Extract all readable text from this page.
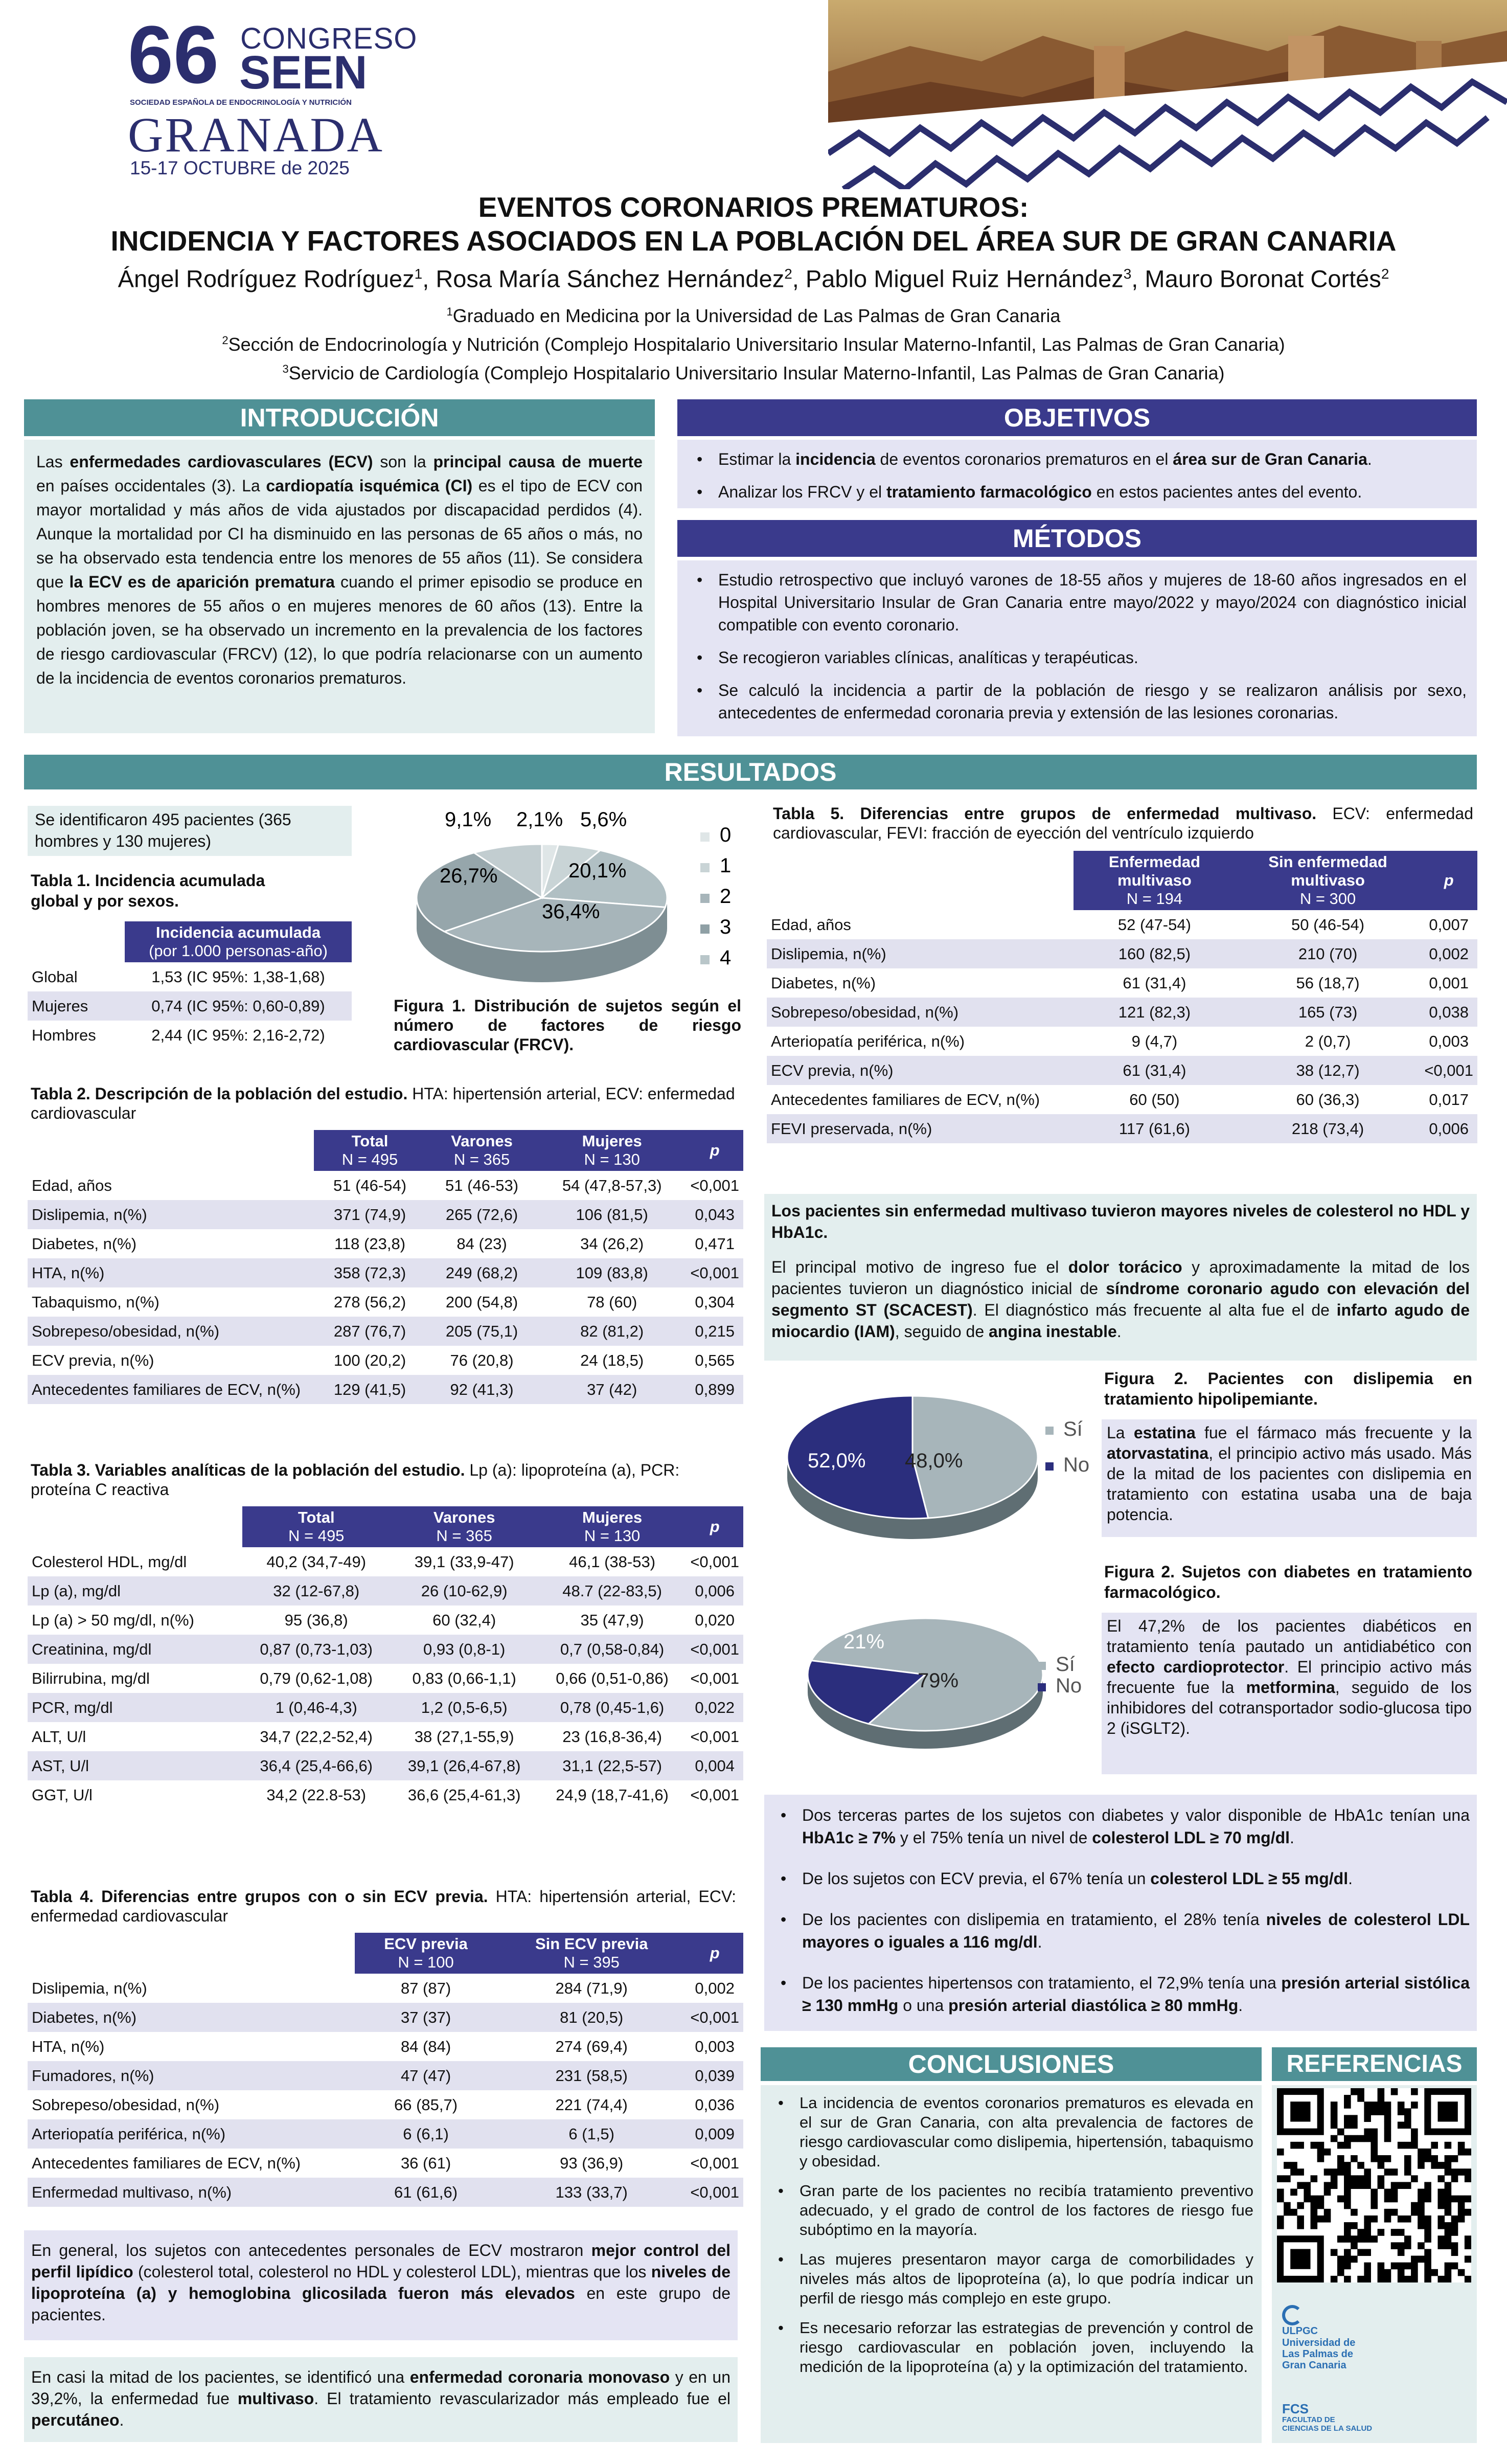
66 CONGRESO
SEEN
SOCIEDAD ESPAÑOLA DE ENDOCRINOLOGÍA Y NUTRICIÓN
GRANADA
15-17 OCTUBRE de 2025
EVENTOS CORONARIOS PREMATUROS:
INCIDENCIA Y FACTORES ASOCIADOS EN LA POBLACIÓN DEL ÁREA SUR DE GRAN CANARIA
Ángel Rodríguez Rodríguez$^1$, Rosa María Sánchez Hernández$^2$, Pablo Miguel Ruiz Hernández$^3$, Mauro Boronat Cortés$^2$
$^1$Graduado en Medicina por la Universidad de Las Palmas de Gran Canaria
$^2$Sección de Endocrinología y Nutrición (Complejo Hospitalario Universitario Insular Materno-Infantil, Las Palmas de Gran Canaria)
$^3$Servicio de Cardiología (Complejo Hospitalario Universitario Insular Materno-Infantil, Las Palmas de Gran Canaria)
INTRODUCCIÓN
Las enfermedades cardiovasculares (ECV) son la principal causa de muerte en países occidentales (3). La cardiopatía isquémica (CI) es el tipo de ECV con mayor mortalidad y más años de vida ajustados por discapacidad perdidos (4). Aunque la mortalidad por CI ha disminuido en las personas de 65 años o más, no se ha observado esta tendencia entre los menores de 55 años (11). Se considera que la ECV es de aparición prematura cuando el primer episodio se produce en hombres menores de 55 años o en mujeres menores de 60 años (13). Entre la población joven, se ha observado un incremento en la prevalencia de los factores de riesgo cardiovascular (FRCV) (12), lo que podría relacionarse con un aumento de la incidencia de eventos coronarios prematuros.
OBJETIVOS
• Estimar la incidencia de eventos coronarios prematuros en el área sur de Gran Canaria.
• Analizar los FRCV y el tratamiento farmacológico en estos pacientes antes del evento.
MÉTODOS
• Estudio retrospectivo que incluyó varones de 18-55 años y mujeres de 18-60 años ingresados en el Hospital Universitario Insular de Gran Canaria entre mayo/2022 y mayo/2024 con diagnóstico inicial compatible con evento coronario.
• Se recogieron variables clínicas, analíticas y terapéuticas.
• Se calculó la incidencia a partir de la población de riesgo y se realizaron análisis por sexo, antecedentes de enfermedad coronaria previa y extensión de las lesiones coronarias.
RESULTADOS
Se identificaron 495 pacientes (365 hombres y 130 mujeres)
Tabla 1. Incidencia acumulada global y por sexos.

	Incidencia acumulada
(por 1.000 personas-año)

Global	1,53 (IC 95%: 1,38-1,68)
Mujeres	0,74 (IC 95%: 0,60-0,89)
Hombres	2,44 (IC 95%: 2,16-2,72)
9,1% 2,1% 5,6%
20,1%
26,7%
36,4%
0
1
2
3
4
Figura 1. Distribución de sujetos según el número de factores de riesgo cardiovascular (FRCV).
Tabla 2. Descripción de la población del estudio. HTA: hipertensión arterial, ECV: enfermedad cardiovascular

	Total
N = 495	Varones
N = 365	Mujeres
N = 130	p
Edad, años	51 (46-54)	51 (46-53)	54 (47,8-57,3)	<0,001
Dislipemia, n(%)	371 (74,9)	265 (72,6)	106 (81,5)	0,043
Diabetes, n(%)	118 (23,8)	84 (23)	34 (26,2)	0,471
HTA, n(%)	358 (72,3)	249 (68,2)	109 (83,8)	<0,001
Tabaquismo, n(%)	278 (56,2)	200 (54,8)	78 (60)	0,304
Sobrepeso/obesidad, n(%)	287 (76,7)	205 (75,1)	82 (81,2)	0,215
ECV previa, n(%)	100 (20,2)	76 (20,8)	24 (18,5)	0,565
Antecedentes familiares de ECV, n(%)	129 (41,5)	92 (41,3)	37 (42)	0,899
Tabla 3. Variables analíticas de la población del estudio. Lp (a): lipoproteína (a), PCR: proteína C reactiva

	Total
N = 495	Varones
N = 365	Mujeres
N = 130	p
Colesterol HDL, mg/dl	40,2 (34,7-49)	39,1 (33,9-47)	46,1 (38-53)	<0,001
Lp (a), mg/dl	32 (12-67,8)	26 (10-62,9)	48.7 (22-83,5)	0,006
Lp (a) > 50 mg/dl, n(%)	95 (36,8)	60 (32,4)	35 (47,9)	0,020
Creatinina, mg/dl	0,87 (0,73-1,03)	0,93 (0,8-1)	0,7 (0,58-0,84)	<0,001
Bilirrubina, mg/dl	0,79 (0,62-1,08)	0,83 (0,66-1,1)	0,66 (0,51-0,86)	<0,001
PCR, mg/dl	1 (0,46-4,3)	1,2 (0,5-6,5)	0,78 (0,45-1,6)	0,022
ALT, U/l	34,7 (22,2-52,4)	38 (27,1-55,9)	23 (16,8-36,4)	<0,001
AST, U/l	36,4 (25,4-66,6)	39,1 (26,4-67,8)	31,1 (22,5-57)	0,004
GGT, U/l	34,2 (22.8-53)	36,6 (25,4-61,3)	24,9 (18,7-41,6)	<0,001
Tabla 4. Diferencias entre grupos con o sin ECV previa. HTA: hipertensión arterial, ECV: enfermedad cardiovascular

	ECV previa
N = 100	Sin ECV previa
N = 395	p
Dislipemia, n(%)	87 (87)	284 (71,9)	0,002
Diabetes, n(%)	37 (37)	81 (20,5)	<0,001
HTA, n(%)	84 (84)	274 (69,4)	0,003
Fumadores, n(%)	47 (47)	231 (58,5)	0,039
Sobrepeso/obesidad, n(%)	66 (85,7)	221 (74,4)	0,036
Arteriopatía periférica, n(%)	6 (6,1)	6 (1,5)	0,009
Antecedentes familiares de ECV, n(%)	36 (61)	93 (36,9)	<0,001
Enfermedad multivaso, n(%)	61 (61,6)	133 (33,7)	<0,001
En general, los sujetos con antecedentes personales de ECV mostraron mejor control del perfil lipídico (colesterol total, colesterol no HDL y colesterol LDL), mientras que los niveles de lipoproteína (a) y hemoglobina glicosilada fueron más elevados en este grupo de pacientes.
En casi la mitad de los pacientes, se identificó una enfermedad coronaria monovaso y en un 39,2%, la enfermedad fue multivaso. El tratamiento revascularizador más empleado fue el percutáneo.
Tabla 5. Diferencias entre grupos de enfermedad multivaso. ECV: enfermedad cardiovascular, FEVI: fracción de eyección del ventrículo izquierdo

	Enfermedad multivaso
N = 194	Sin enfermedad multivaso
N = 300	p
Edad, años	52 (47-54)	50 (46-54)	0,007
Dislipemia, n(%)	160 (82,5)	210 (70)	0,002
Diabetes, n(%)	61 (31,4)	56 (18,7)	0,001
Sobrepeso/obesidad, n(%)	121 (82,3)	165 (73)	0,038
Arteriopatía periférica, n(%)	9 (4,7)	2 (0,7)	0,003
ECV previa, n(%)	61 (31,4)	38 (12,7)	<0,001
Antecedentes familiares de ECV, n(%)	60 (50)	60 (36,3)	0,017
FEVI preservada, n(%)	117 (61,6)	218 (73,4)	0,006
Los pacientes sin enfermedad multivaso tuvieron mayores niveles de colesterol no HDL y HbA1c.
El principal motivo de ingreso fue el dolor torácico y aproximadamente la mitad de los pacientes tuvieron un diagnóstico inicial de síndrome coronario agudo con elevación del segmento ST (SCACEST). El diagnóstico más frecuente al alta fue el de infarto agudo de miocardio (IAM), seguido de angina inestable.
52,0% 48,0%
Sí
No
Figura 2. Pacientes con dislipemia en tratamiento hipolipemiante.
La estatina fue el fármaco más frecuente y la atorvastatina, el principio activo más usado. Más de la mitad de los pacientes con dislipemia en tratamiento con estatina usaba una de baja potencia.
21%
79%
Sí
No
Figura 2. Sujetos con diabetes en tratamiento farmacológico.
El 47,2% de los pacientes diabéticos en tratamiento tenía pautado un antidiabético con efecto cardioprotector. El principio activo más frecuente fue la metformina, seguido de los inhibidores del cotransportador sodio-glucosa tipo 2 (iSGLT2).
• Dos terceras partes de los sujetos con diabetes y valor disponible de HbA1c tenían una HbA1c ≥ 7% y el 75% tenía un nivel de colesterol LDL ≥ 70 mg/dl.
• De los sujetos con ECV previa, el 67% tenía un colesterol LDL ≥ 55 mg/dl.
• De los pacientes con dislipemia en tratamiento, el 28% tenía niveles de colesterol LDL mayores o iguales a 116 mg/dl.
• De los pacientes hipertensos con tratamiento, el 72,9% tenía una presión arterial sistólica ≥ 130 mmHg o una presión arterial diastólica ≥ 80 mmHg.
CONCLUSIONES
• La incidencia de eventos coronarios prematuros es elevada en el sur de Gran Canaria, con alta prevalencia de factores de riesgo cardiovascular como dislipemia, hipertensión, tabaquismo y obesidad.
• Gran parte de los pacientes no recibía tratamiento preventivo adecuado, y el grado de control de los factores de riesgo fue subóptimo en la mayoría.
• Las mujeres presentaron mayor carga de comorbilidades y niveles más altos de lipoproteína (a), lo que podría indicar un perfil de riesgo más complejo en este grupo.
• Es necesario reforzar las estrategias de prevención y control de riesgo cardiovascular en población joven, incluyendo la medición de la lipoproteína (a) y la optimización del tratamiento.
REFERENCIAS
ULPGC
Universidad de
Las Palmas de
Gran Canaria
FCS
FACULTAD DE
CIENCIAS DE LA SALUD
